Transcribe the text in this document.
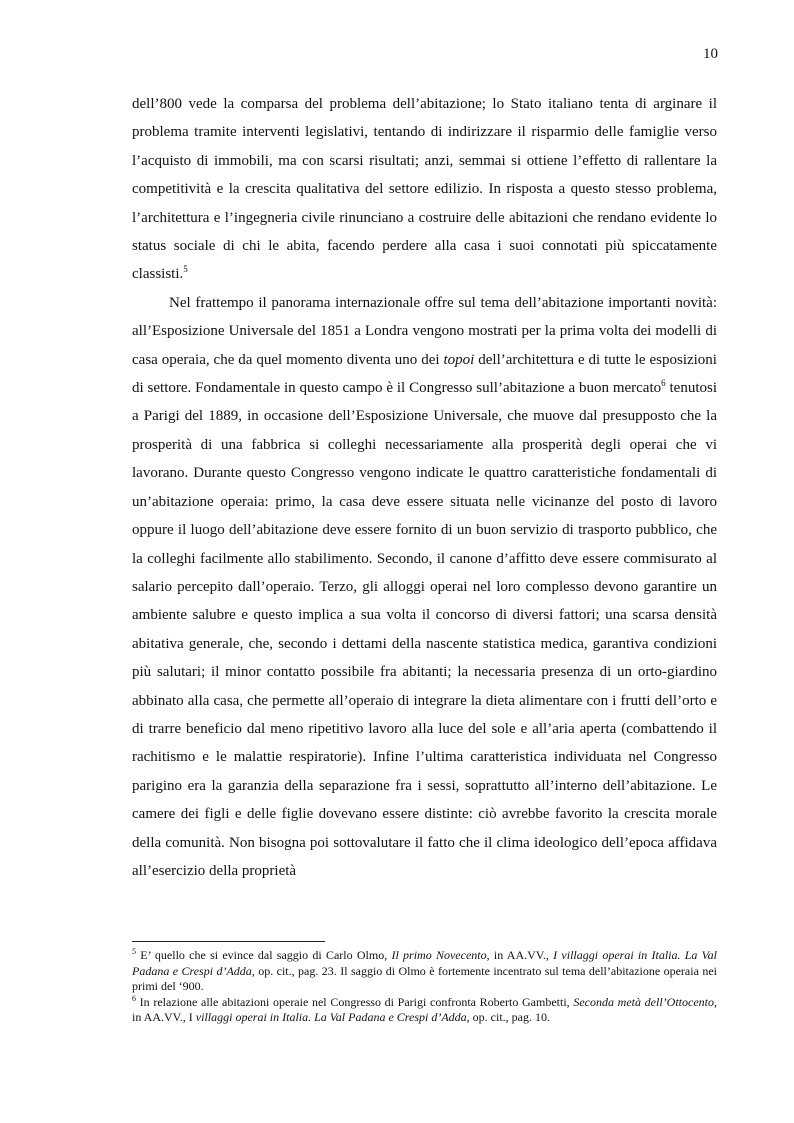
10

dell’800 vede la comparsa del problema dell’abitazione; lo Stato italiano tenta di arginare il problema tramite interventi legislativi, tentando di indirizzare il risparmio delle famiglie verso l’acquisto di immobili, ma con scarsi risultati; anzi, semmai si ottiene l’effetto di rallentare la competitività e la crescita qualitativa del settore edilizio. In risposta a questo stesso problema, l’architettura e l’ingegneria civile rinunciano a costruire delle abitazioni che rendano evidente lo status sociale di chi le abita, facendo perdere alla casa i suoi connotati più spiccatamente classisti.$^5$

Nel frattempo il panorama internazionale offre sul tema dell’abitazione importanti novità: all’Esposizione Universale del 1851 a Londra vengono mostrati per la prima volta dei modelli di casa operaia, che da quel momento diventa uno dei topoi dell’architettura e di tutte le esposizioni di settore. Fondamentale in questo campo è il Congresso sull’abitazione a buon mercato$^6$ tenutosi a Parigi del 1889, in occasione dell’Esposizione Universale, che muove dal presupposto che la prosperità di una fabbrica si colleghi necessariamente alla prosperità degli operai che vi lavorano. Durante questo Congresso vengono indicate le quattro caratteristiche fondamentali di un’abitazione operaia: primo, la casa deve essere situata nelle vicinanze del posto di lavoro oppure il luogo dell’abitazione deve essere fornito di un buon servizio di trasporto pubblico, che la colleghi facilmente allo stabilimento. Secondo, il canone d’affitto deve essere commisurato al salario percepito dall’operaio. Terzo, gli alloggi operai nel loro complesso devono garantire un ambiente salubre e questo implica a sua volta il concorso di diversi fattori; una scarsa densità abitativa generale, che, secondo i dettami della nascente statistica medica, garantiva condizioni più salutari; il minor contatto possibile fra abitanti; la necessaria presenza di un orto-giardino abbinato alla casa, che permette all’operaio di integrare la dieta alimentare con i frutti dell’orto e di trarre beneficio dal meno ripetitivo lavoro alla luce del sole e all’aria aperta (combattendo il rachitismo e le malattie respiratorie). Infine l’ultima caratteristica individuata nel Congresso parigino era la garanzia della separazione fra i sessi, soprattutto all’interno dell’abitazione. Le camere dei figli e delle figlie dovevano essere distinte: ciò avrebbe favorito la crescita morale della comunità. Non bisogna poi sottovalutare il fatto che il clima ideologico dell’epoca affidava all’esercizio della proprietà

$^5$ E’ quello che si evince dal saggio di Carlo Olmo, Il primo Novecento, in AA.VV., I villaggi operai in Italia. La Val Padana e Crespi d’Adda, op. cit., pag. 23. Il saggio di Olmo è fortemente incentrato sul tema dell’abitazione operaia nei primi del ‘900.

$^6$ In relazione alle abitazioni operaie nel Congresso di Parigi confronta Roberto Gambetti, Seconda metà dell’Ottocento, in AA.VV., I villaggi operai in Italia. La Val Padana e Crespi d’Adda, op. cit., pag. 10.
